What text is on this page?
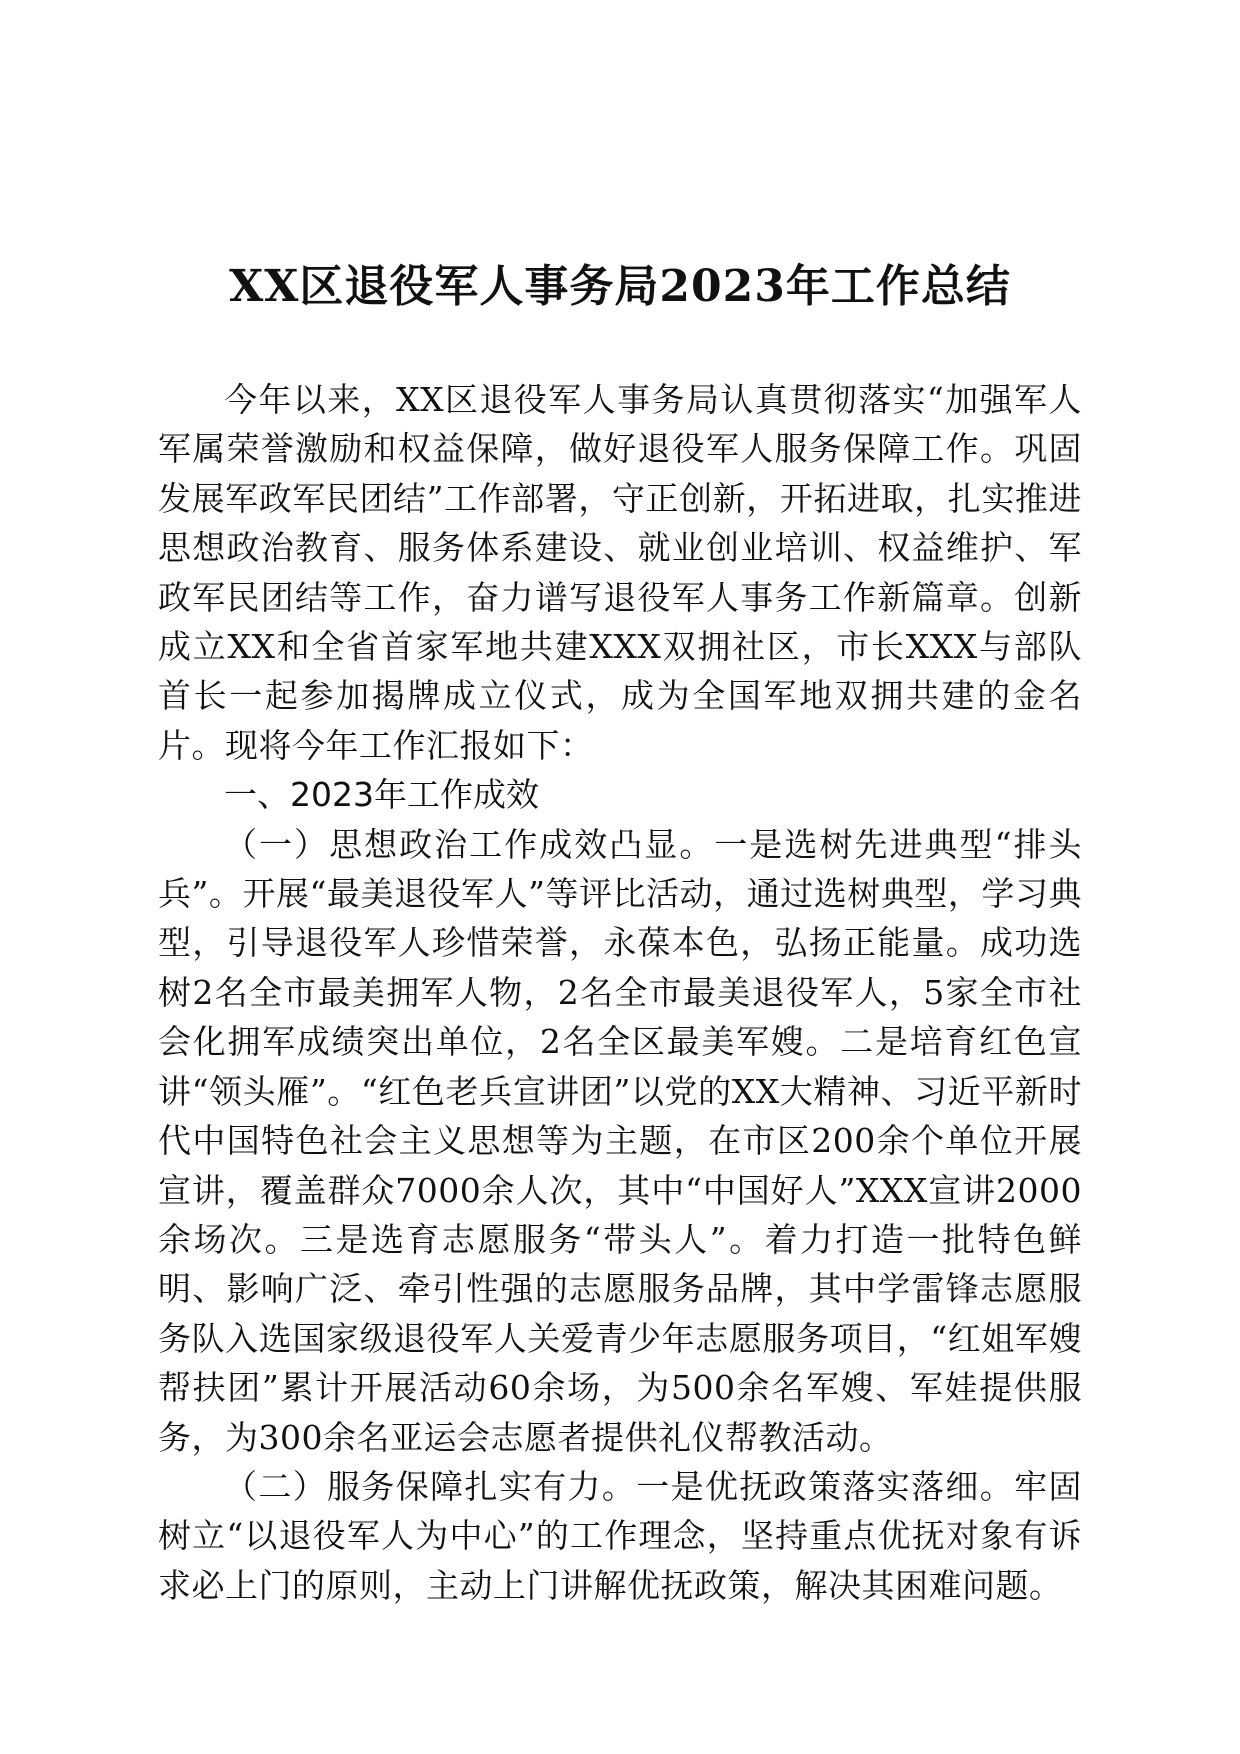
XX区退役军人事务局2023年工作总结

今年以来，XX区退役军人事务局认真贯彻落实“加强军人军属荣誉激励和权益保障，做好退役军人服务保障工作。巩固发展军政军民团结”工作部署，守正创新，开拓进取，扎实推进思想政治教育、服务体系建设、就业创业培训、权益维护、军政军民团结等工作，奋力谱写退役军人事务工作新篇章。创新成立XX和全省首家军地共建XXX双拥社区，市长XXX与部队首长一起参加揭牌成立仪式，成为全国军地双拥共建的金名片。现将今年工作汇报如下：

一、2023年工作成效

（一）思想政治工作成效凸显。一是选树先进典型“排头兵”。开展“最美退役军人”等评比活动，通过选树典型，学习典型，引导退役军人珍惜荣誉，永葆本色，弘扬正能量。成功选树2名全市最美拥军人物，2名全市最美退役军人，5家全市社会化拥军成绩突出单位，2名全区最美军嫂。二是培育红色宣讲“领头雁”。“红色老兵宣讲团”以党的XX大精神、习近平新时代中国特色社会主义思想等为主题，在市区200余个单位开展宣讲，覆盖群众7000余人次，其中“中国好人”XXX宣讲2000余场次。三是选育志愿服务“带头人”。着力打造一批特色鲜明、影响广泛、牵引性强的志愿服务品牌，其中学雷锋志愿服务队入选国家级退役军人关爱青少年志愿服务项目，“红姐军嫂帮扶团”累计开展活动60余场，为500余名军嫂、军娃提供服务，为300余名亚运会志愿者提供礼仪帮教活动。

（二）服务保障扎实有力。一是优抚政策落实落细。牢固树立“以退役军人为中心”的工作理念，坚持重点优抚对象有诉求必上门的原则，主动上门讲解优抚政策，解决其困难问题。
